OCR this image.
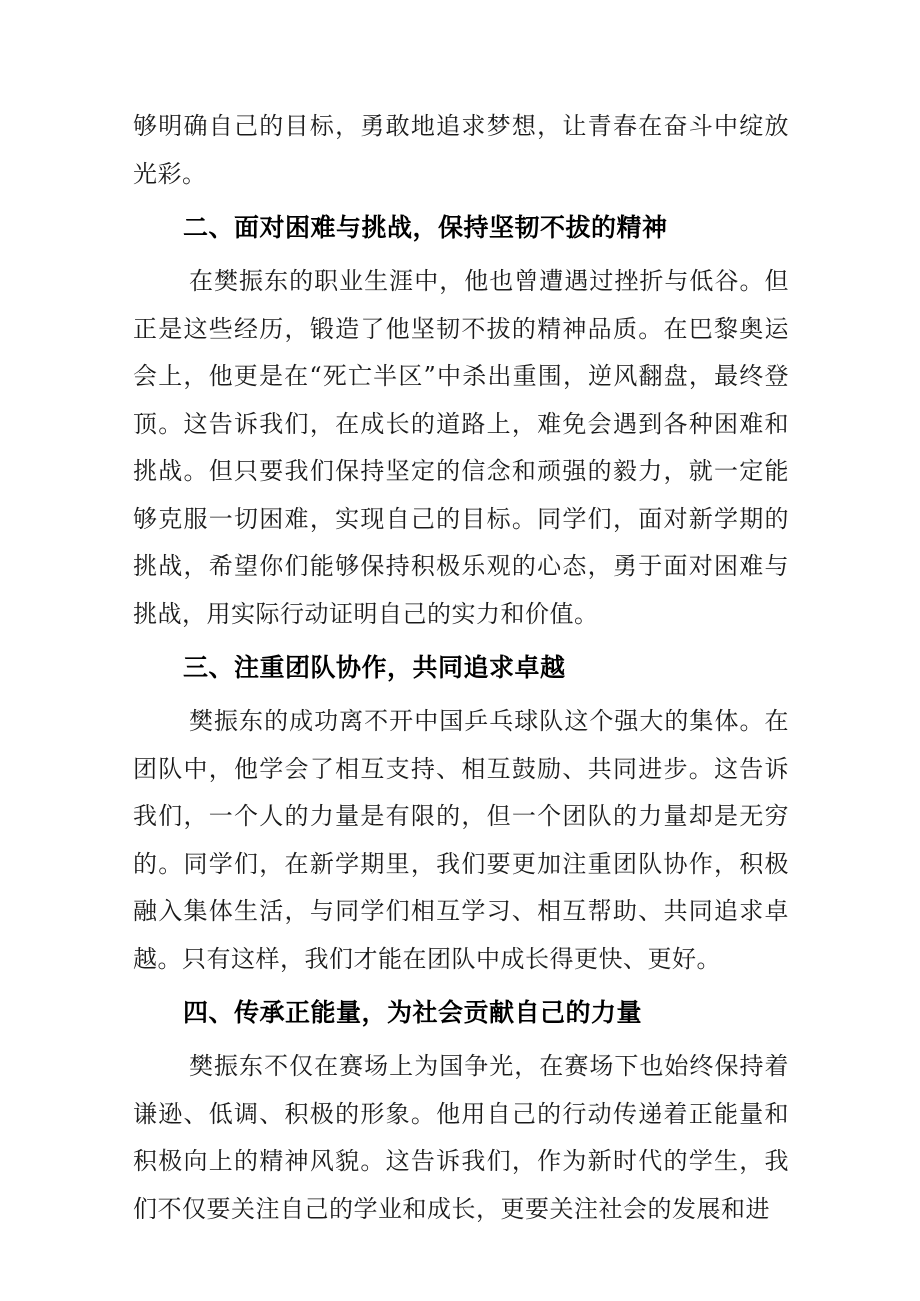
够明确自己的目标，勇敢地追求梦想，让青春在奋斗中绽放光彩。

二、面对困难与挑战，保持坚韧不拔的精神

在樊振东的职业生涯中，他也曾遭遇过挫折与低谷。但正是这些经历，锻造了他坚韧不拔的精神品质。在巴黎奥运会上，他更是在“死亡半区”中杀出重围，逆风翻盘，最终登顶。这告诉我们，在成长的道路上，难免会遇到各种困难和挑战。但只要我们保持坚定的信念和顽强的毅力，就一定能够克服一切困难，实现自己的目标。同学们，面对新学期的挑战，希望你们能够保持积极乐观的心态，勇于面对困难与挑战，用实际行动证明自己的实力和价值。

三、注重团队协作，共同追求卓越

樊振东的成功离不开中国乒乓球队这个强大的集体。在团队中，他学会了相互支持、相互鼓励、共同进步。这告诉我们，一个人的力量是有限的，但一个团队的力量却是无穷的。同学们，在新学期里，我们要更加注重团队协作，积极融入集体生活，与同学们相互学习、相互帮助、共同追求卓越。只有这样，我们才能在团队中成长得更快、更好。

四、传承正能量，为社会贡献自己的力量

樊振东不仅在赛场上为国争光，在赛场下也始终保持着谦逊、低调、积极的形象。他用自己的行动传递着正能量和积极向上的精神风貌。这告诉我们，作为新时代的学生，我们不仅要关注自己的学业和成长，更要关注社会的发展和进
